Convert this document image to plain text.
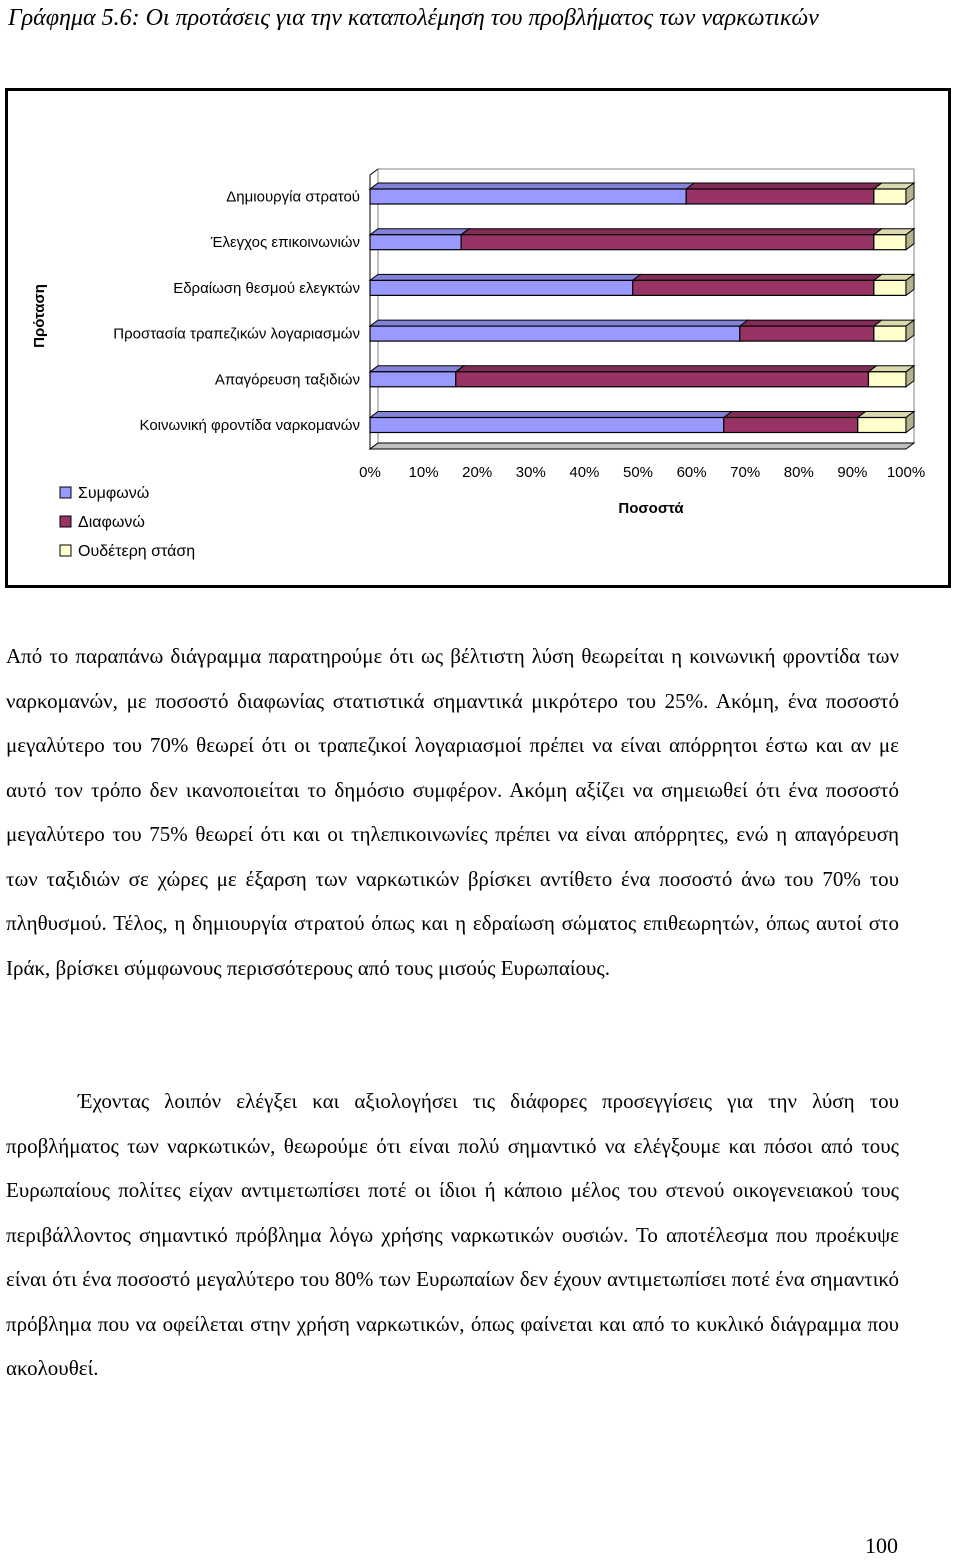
Γράφημα 5.6: Οι προτάσεις για την καταπολέμηση του προβλήματος των ναρκωτικών
Δημιουργία στρατού
Έλεγχος επικοινωνιών
Εδραίωση θεσμού ελεγκτών
Προστασία τραπεζικών λογαριασμών
Απαγόρευση ταξιδιών
Κοινωνική φροντίδα ναρκομανών
0% 10% 20% 30% 40% 50% 60% 70% 80% 90% 100%
Ποσοστά
Πρόταση
Συμφωνώ
Διαφωνώ
Ουδέτερη στάση

Από το παραπάνω διάγραμμα παρατηρούμε ότι ως βέλτιστη λύση θεωρείται η κοινωνική φροντίδα των ναρκομανών, με ποσοστό διαφωνίας στατιστικά σημαντικά μικρότερο του 25%. Ακόμη, ένα ποσοστό μεγαλύτερο του 70% θεωρεί ότι οι τραπεζικοί λογαριασμοί πρέπει να είναι απόρρητοι έστω και αν με αυτό τον τρόπο δεν ικανοποιείται το δημόσιο συμφέρον. Ακόμη αξίζει να σημειωθεί ότι ένα ποσοστό μεγαλύτερο του 75% θεωρεί ότι και οι τηλεπικοινωνίες πρέπει να είναι απόρρητες, ενώ η απαγόρευση των ταξιδιών σε χώρες με έξαρση των ναρκωτικών βρίσκει αντίθετο ένα ποσοστό άνω του 70% του πληθυσμού. Τέλος, η δημιουργία στρατού όπως και η εδραίωση σώματος επιθεωρητών, όπως αυτοί στο Ιράκ, βρίσκει σύμφωνους περισσότερους από τους μισούς Ευρωπαίους.

Έχοντας λοιπόν ελέγξει και αξιολογήσει τις διάφορες προσεγγίσεις για την λύση του προβλήματος των ναρκωτικών, θεωρούμε ότι είναι πολύ σημαντικό να ελέγξουμε και πόσοι από τους Ευρωπαίους πολίτες είχαν αντιμετωπίσει ποτέ οι ίδιοι ή κάποιο μέλος του στενού οικογενειακού τους περιβάλλοντος σημαντικό πρόβλημα λόγω χρήσης ναρκωτικών ουσιών. Το αποτέλεσμα που προέκυψε είναι ότι ένα ποσοστό μεγαλύτερο του 80% των Ευρωπαίων δεν έχουν αντιμετωπίσει ποτέ ένα σημαντικό πρόβλημα που να οφείλεται στην χρήση ναρκωτικών, όπως φαίνεται και από το κυκλικό διάγραμμα που ακολουθεί.

100
